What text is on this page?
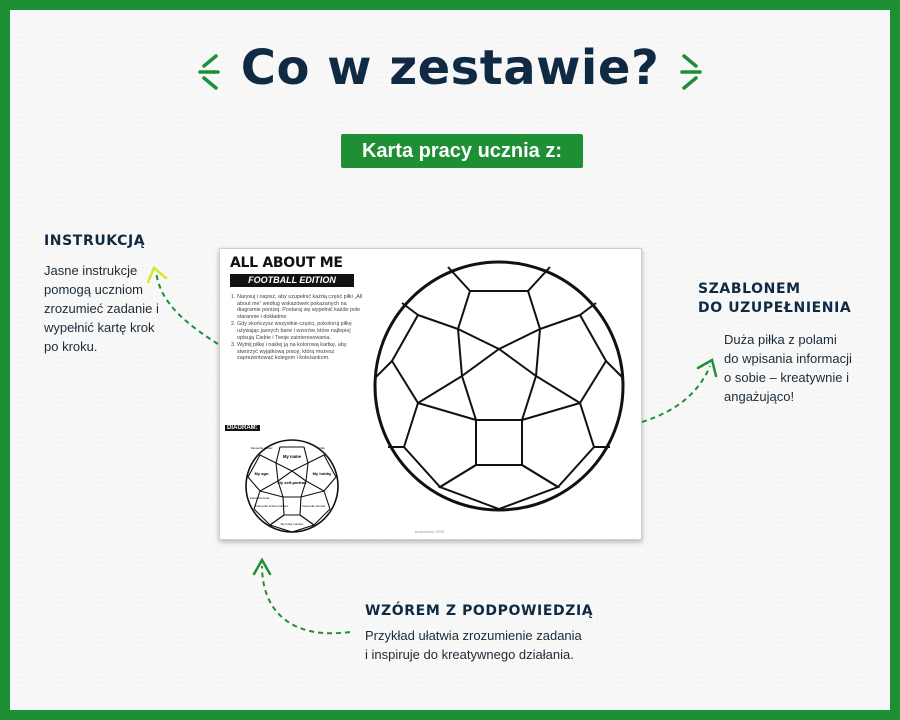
Co w zestawie?
Karta pracy ucznia z:
INSTRUKCJĄ
Jasne instrukcje
pomogą uczniom
zrozumieć zadanie i
wypełnić kartę krok
po kroku.
SZABLONEM
DO UZUPEŁNIENIA
Duża piłka z polami
do wpisania informacji
o sobie – kreatywnie i
angażująco!
WZÓREM Z PODPOWIEDZIĄ
Przykład ułatwia zrozumienie zadania
i inspiruje do kreatywnego działania.
ALL ABOUT ME
FOOTBALL EDITION
1. Narysuj i napisz, aby uzupełnić każdą część piłki „All about me” według wskazówek pokazanych na diagramie poniżej. Postaraj się wypełnić każde pole starannie i dokładnie
2. Gdy skończysz wszystkie części, pokoloruj piłkę używając jasnych barw i wzorów, które najlepiej opisują Ciebie i Twoje zainteresowania.
3. Wytnij piłkę i naklej ją na kolorową kartkę, aby stworzyć wyjątkową pracę, którą możesz zaprezentować kolegom i koleżankom.
DIAGRAM:
My name
My self-portrait
My age:	My hobby
Favourite school subject:	Favourite animal:
My lucky number
I like
Favourite colour:
Favourite food
teachtrinks 2025
